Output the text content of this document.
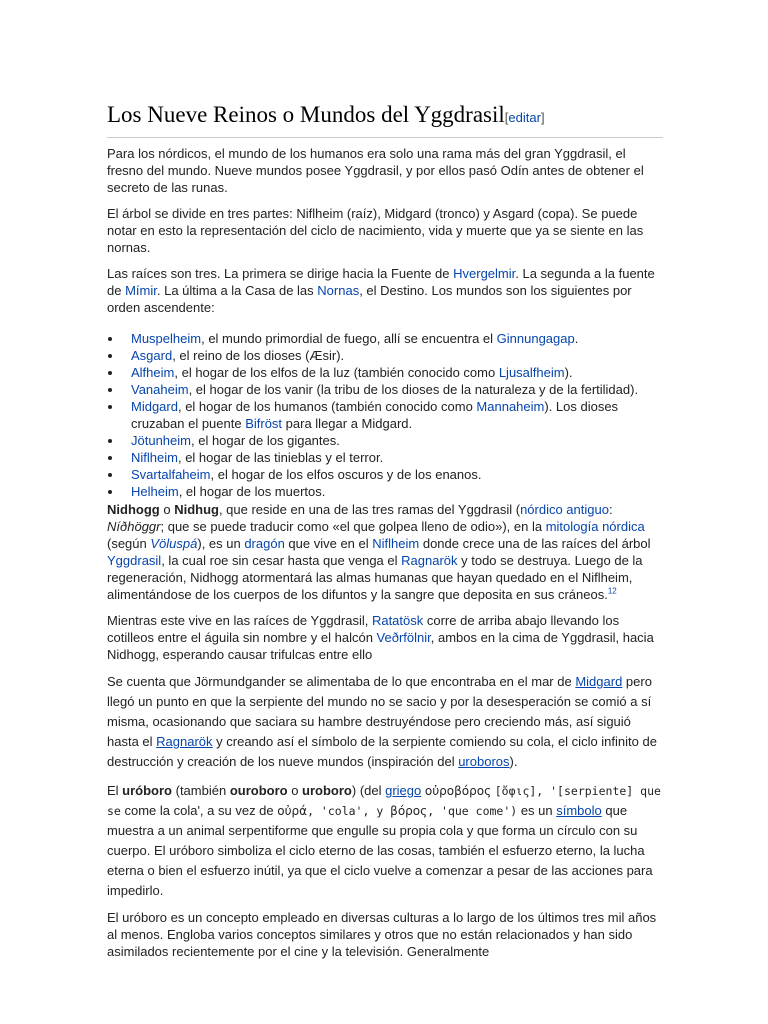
Los Nueve Reinos o Mundos del Yggdrasil[editar]

Para los nórdicos, el mundo de los humanos era solo una rama más del gran Yggdrasil, el fresno del mundo. Nueve mundos posee Yggdrasil, y por ellos pasó Odín antes de obtener el secreto de las runas.

El árbol se divide en tres partes: Niflheim (raíz), Midgard (tronco) y Asgard (copa). Se puede notar en esto la representación del ciclo de nacimiento, vida y muerte que ya se siente en las nornas.

Las raíces son tres. La primera se dirige hacia la Fuente de Hvergelmir. La segunda a la fuente de Mímir. La última a la Casa de las Nornas, el Destino. Los mundos son los siguientes por orden ascendente:

Muspelheim, el mundo primordial de fuego, allí se encuentra el Ginnungagap.
Asgard, el reino de los dioses (Æsir).
Alfheim, el hogar de los elfos de la luz (también conocido como Ljusalfheim).
Vanaheim, el hogar de los vanir (la tribu de los dioses de la naturaleza y de la fertilidad).
Midgard, el hogar de los humanos (también conocido como Mannaheim). Los dioses cruzaban el puente Bifröst para llegar a Midgard.
Jötunheim, el hogar de los gigantes.
Niflheim, el hogar de las tinieblas y el terror.
Svartalfaheim, el hogar de los elfos oscuros y de los enanos.
Helheim, el hogar de los muertos.

Nidhogg o Nidhug, que reside en una de las tres ramas del Yggdrasil (nórdico antiguo: Níðhöggr; que se puede traducir como «el que golpea lleno de odio»), en la mitología nórdica (según Völuspá), es un dragón que vive en el Niflheim donde crece una de las raíces del árbol Yggdrasil, la cual roe sin cesar hasta que venga el Ragnarök y todo se destruya. Luego de la regeneración, Nidhogg atormentará las almas humanas que hayan quedado en el Niflheim, alimentándose de los cuerpos de los difuntos y la sangre que deposita en sus cráneos.$^{12}$

Mientras este vive en las raíces de Yggdrasil, Ratatösk corre de arriba abajo llevando los cotilleos entre el águila sin nombre y el halcón Veðrfölnir, ambos en la cima de Yggdrasil, hacia Nidhogg, esperando causar trifulcas entre ello

Se cuenta que Jörmundgander se alimentaba de lo que encontraba en el mar de Midgard pero llegó un punto en que la serpiente del mundo no se sacio y por la desesperación se comió a sí misma, ocasionando que saciara su hambre destruyéndose pero creciendo más, así siguió hasta el Ragnarök y creando así el símbolo de la serpiente comiendo su cola, el ciclo infinito de destrucción y creación de los nueve mundos (inspiración del uroboros).

El uróboro (también ouroboro o uroboro) (del griego οὐροβόρος [ὄφις], '[serpiente] que se come la cola', a su vez de οὐρά, 'cola', y βόρος, 'que come') es un símbolo que muestra a un animal serpentiforme que engulle su propia cola y que forma un círculo con su cuerpo. El uróboro simboliza el ciclo eterno de las cosas, también el esfuerzo eterno, la lucha eterna o bien el esfuerzo inútil, ya que el ciclo vuelve a comenzar a pesar de las acciones para impedirlo.

El uróboro es un concepto empleado en diversas culturas a lo largo de los últimos tres mil años al menos. Engloba varios conceptos similares y otros que no están relacionados y han sido asimilados recientemente por el cine y la televisión. Generalmente
